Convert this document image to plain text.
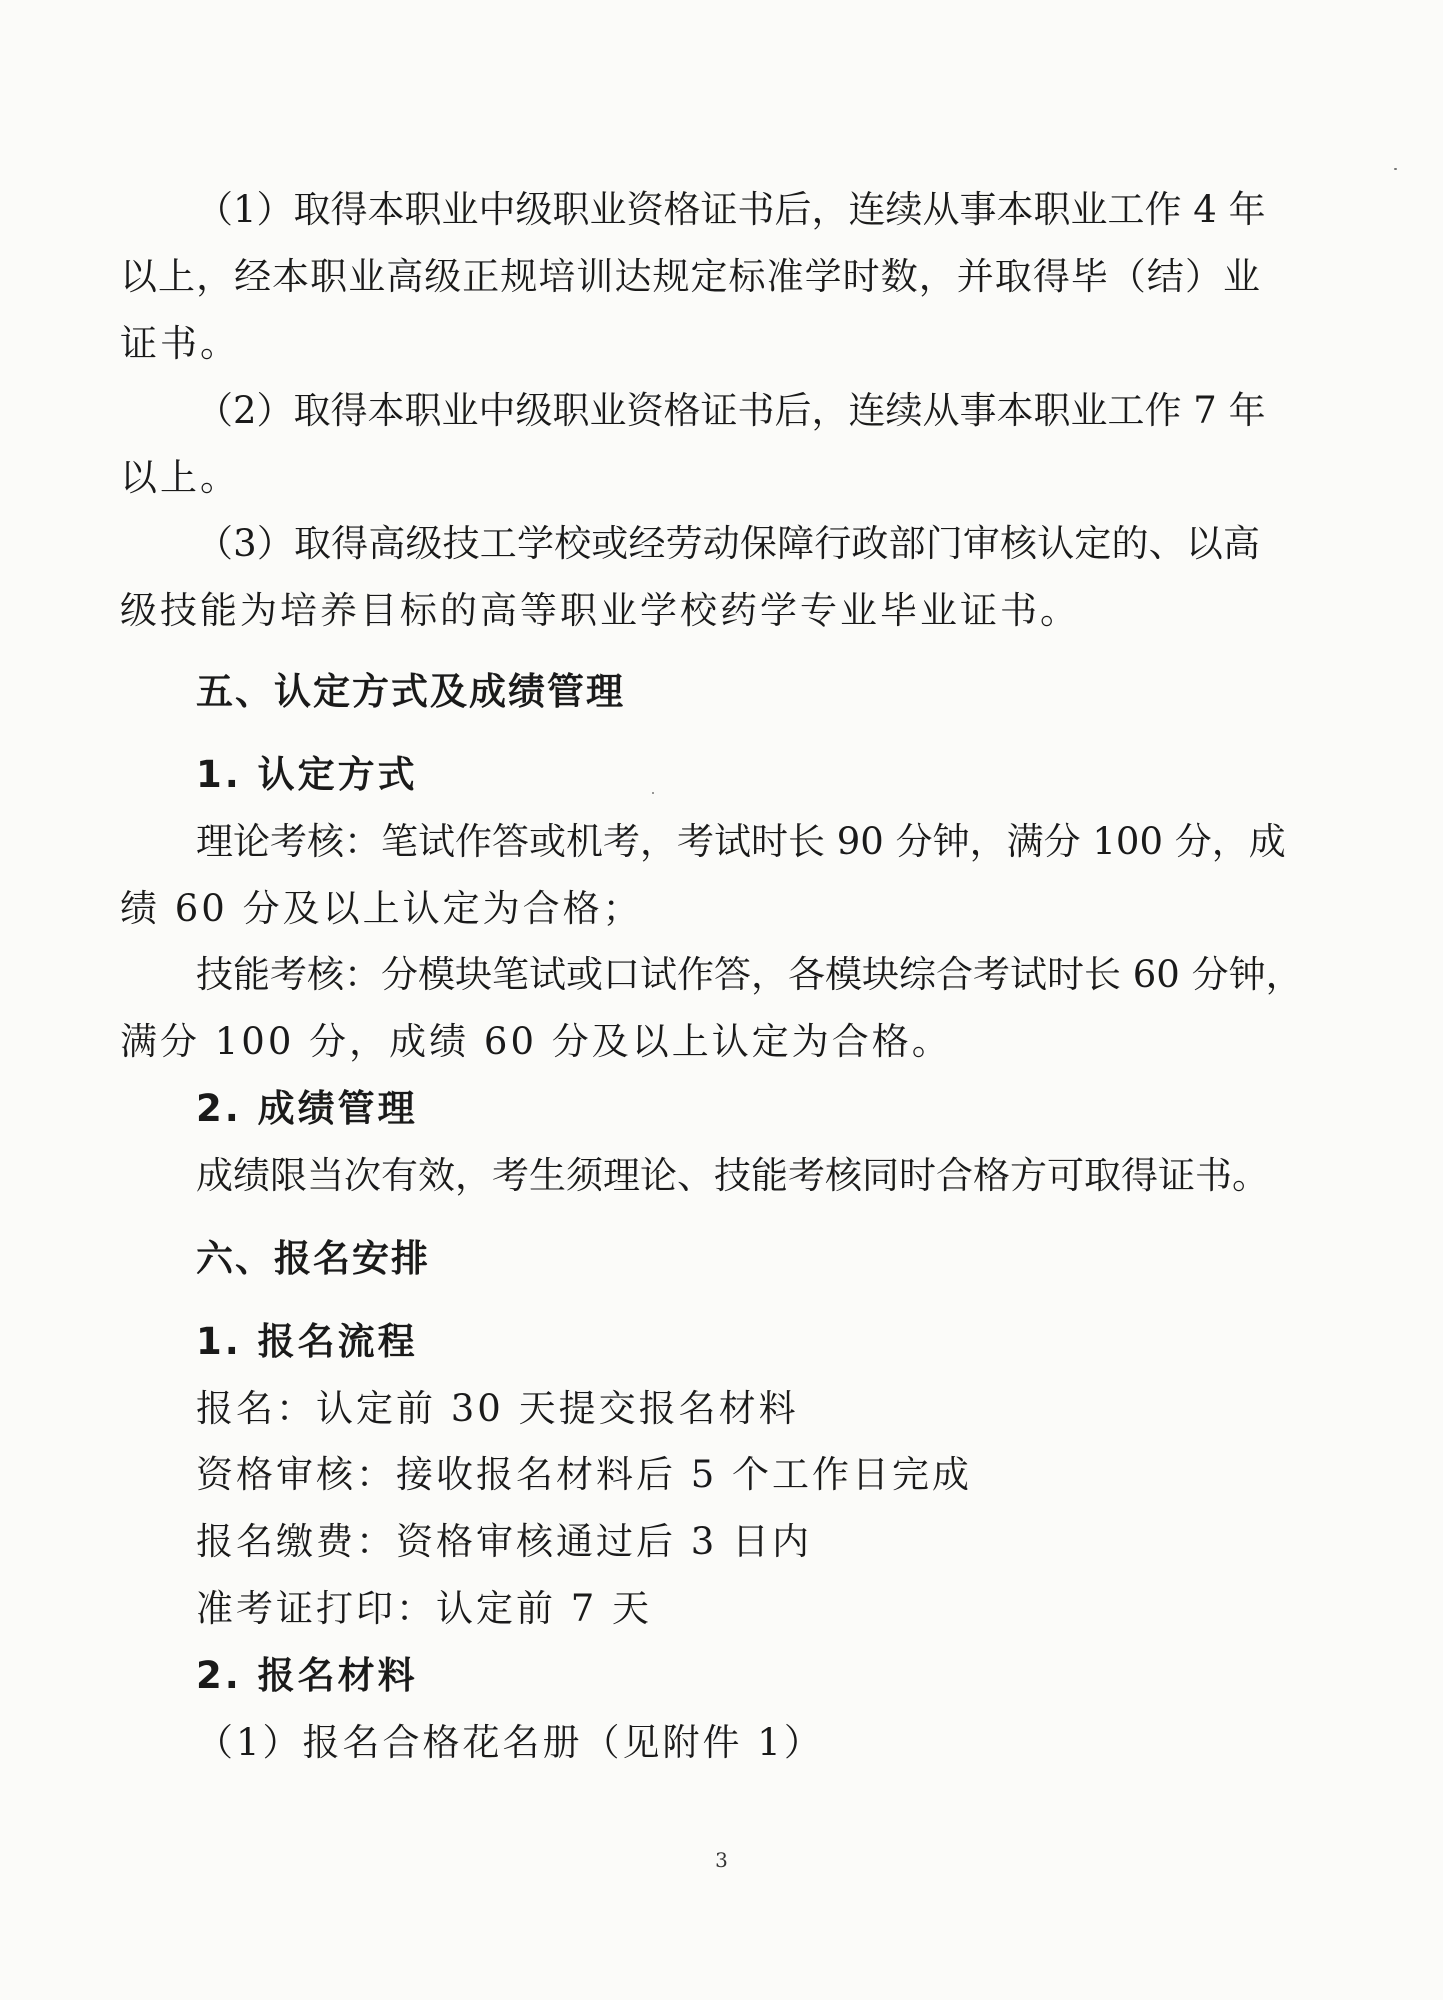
（1）取得本职业中级职业资格证书后，连续从事本职业工作 4 年
以上，经本职业高级正规培训达规定标准学时数，并取得毕（结）业
证书。
（2）取得本职业中级职业资格证书后，连续从事本职业工作 7 年
以上。
（3）取得高级技工学校或经劳动保障行政部门审核认定的、以高
级技能为培养目标的高等职业学校药学专业毕业证书。
五、认定方式及成绩管理
1. 认定方式
理论考核：笔试作答或机考，考试时长 90 分钟，满分 100 分，成
绩 60 分及以上认定为合格；
技能考核：分模块笔试或口试作答，各模块综合考试时长 60 分钟，
满分 100 分，成绩 60 分及以上认定为合格。
2. 成绩管理
成绩限当次有效，考生须理论、技能考核同时合格方可取得证书。
六、报名安排
1. 报名流程
报名：认定前 30 天提交报名材料
资格审核：接收报名材料后 5 个工作日完成
报名缴费：资格审核通过后 3 日内
准考证打印：认定前 7 天
2. 报名材料
（1）报名合格花名册（见附件 1）
3
